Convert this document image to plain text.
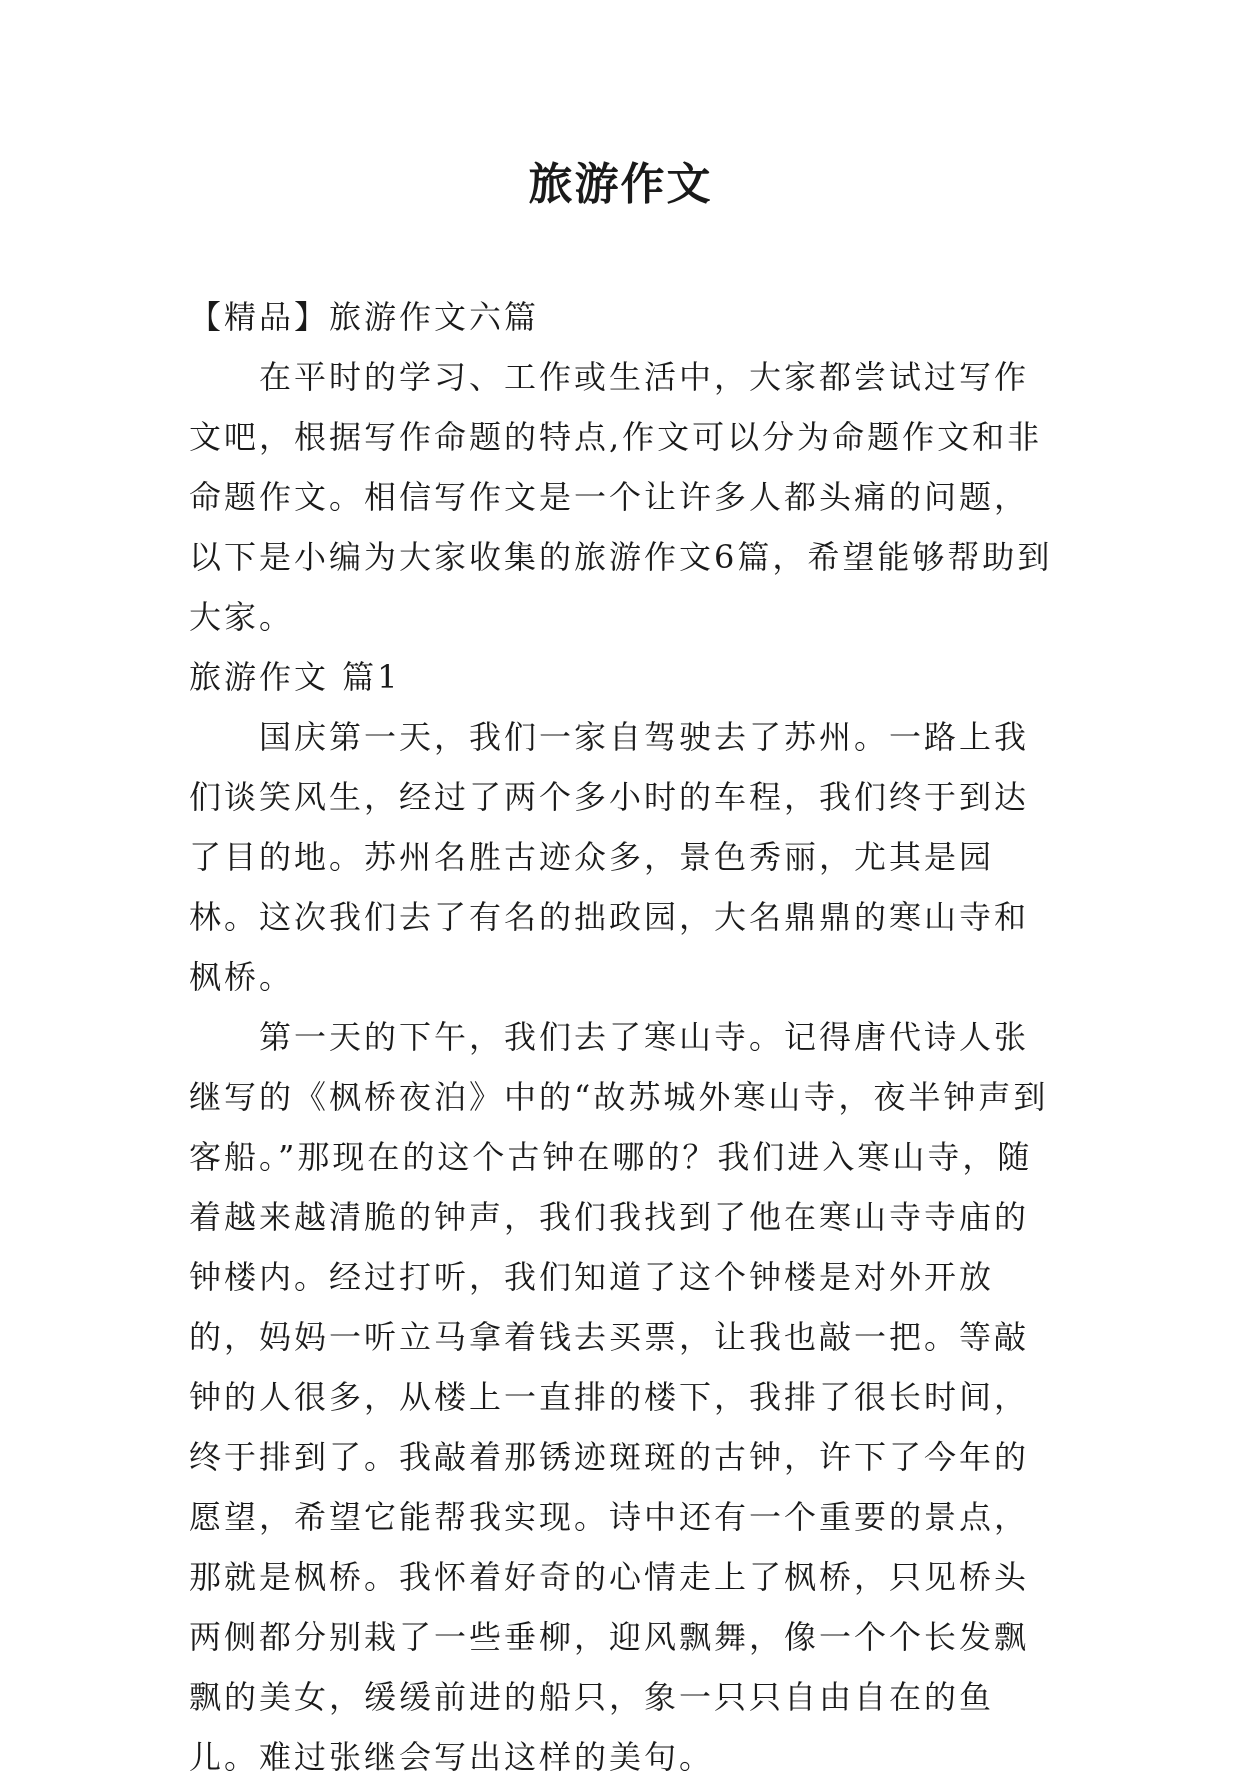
旅游作文

【精品】旅游作文六篇

在平时的学习、工作或生活中，大家都尝试过写作文吧，根据写作命题的特点,作文可以分为命题作文和非命题作文。相信写作文是一个让许多人都头痛的问题，以下是小编为大家收集的旅游作文6篇，希望能够帮助到大家。

旅游作文 篇1

国庆第一天，我们一家自驾驶去了苏州。一路上我们谈笑风生，经过了两个多小时的车程，我们终于到达了目的地。苏州名胜古迹众多，景色秀丽，尤其是园林。这次我们去了有名的拙政园，大名鼎鼎的寒山寺和枫桥。

第一天的下午，我们去了寒山寺。记得唐代诗人张继写的《枫桥夜泊》中的“故苏城外寒山寺，夜半钟声到客船。”那现在的这个古钟在哪的？我们进入寒山寺，随着越来越清脆的钟声，我们我找到了他在寒山寺寺庙的钟楼内。经过打听，我们知道了这个钟楼是对外开放的，妈妈一听立马拿着钱去买票，让我也敲一把。等敲钟的人很多，从楼上一直排的楼下，我排了很长时间，终于排到了。我敲着那锈迹斑斑的古钟，许下了今年的愿望，希望它能帮我实现。诗中还有一个重要的景点，那就是枫桥。我怀着好奇的心情走上了枫桥，只见桥头两侧都分别栽了一些垂柳，迎风飘舞，像一个个长发飘飘的美女，缓缓前进的船只，象一只只自由自在的鱼儿。难过张继会写出这样的美句。
